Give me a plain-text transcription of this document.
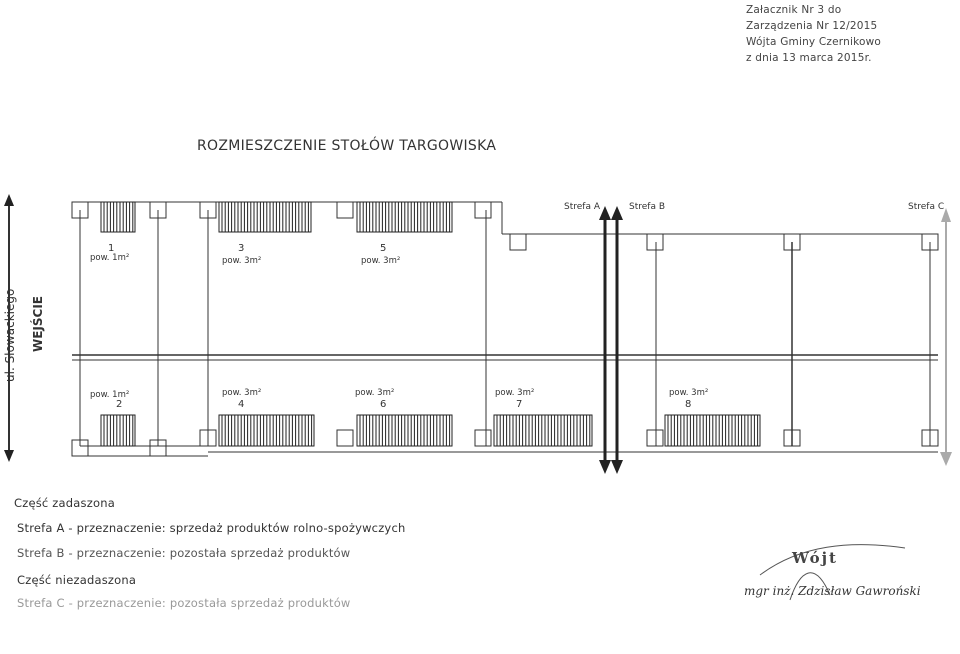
Załacznik Nr 3 do
Zarządzenia Nr 12/2015
Wójta Gminy Czernikowo
z dnia 13 marca 2015r.
ROZMIESZCZENIE STOŁÓW TARGOWISKA
ul. Słowackiego WEJŚCIE
Strefa A	Strefa B	Strefa C
1
pow. 1m²
3
pow. 3m²
5
pow. 3m²
pow. 1m²
2
pow. 3m²
4
pow. 3m²
6
pow. 3m²
7
pow. 3m²
8
Część zadaszona
Strefa A - przeznaczenie: sprzedaż produktów rolno-spożywczych
Strefa B - przeznaczenie: pozostała sprzedaż produktów
Część niezadaszona
Strefa C - przeznaczenie: pozostała sprzedaż produktów
Wójt
mgr inż. Zdzisław Gawroński
